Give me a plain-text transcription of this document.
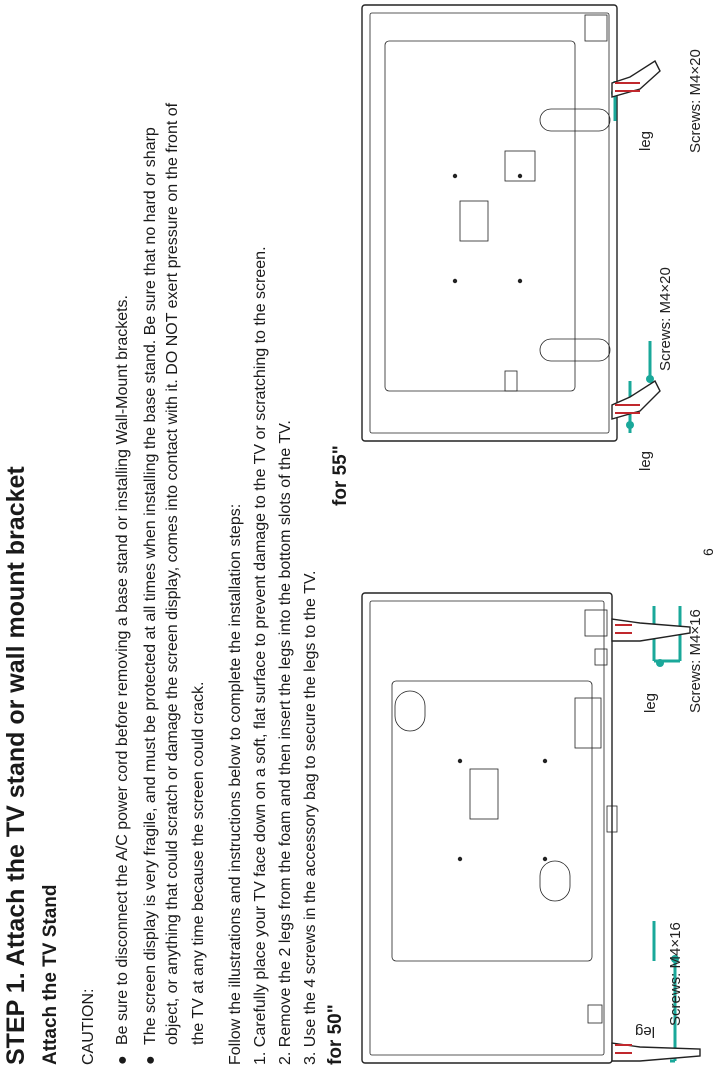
STEP 1. Attach the TV stand or wall mount bracket Attach the TV Stand CAUTION: ●
Be sure to disconnect the A/C power cord before removing a base stand or installing Wall-Mount brackets.
●
The screen display is very fragile, and must be protected at all times when installing the base stand. Be sure that no hard or sharp object, or anything that could scratch or damage the screen display, comes into contact with it. DO NOT exert pressure on the front of the TV at any time because the screen could crack. Follow the illustrations and instructions below to complete the installation steps: 1. Carefully place your TV face down on a soft, flat surface to prevent damage to the TV or scratching to the screen. 2. Remove the 2 legs from the foam and then insert the legs into the bottom slots of the TV. 3. Use the 4 screws in the accessory bag to secure the legs to the TV. for 50"
for 55"
6
leg
Screws: M4×16
leg Screws: M4×16
leg
Screws: M4×20
leg Screws: M4×20
